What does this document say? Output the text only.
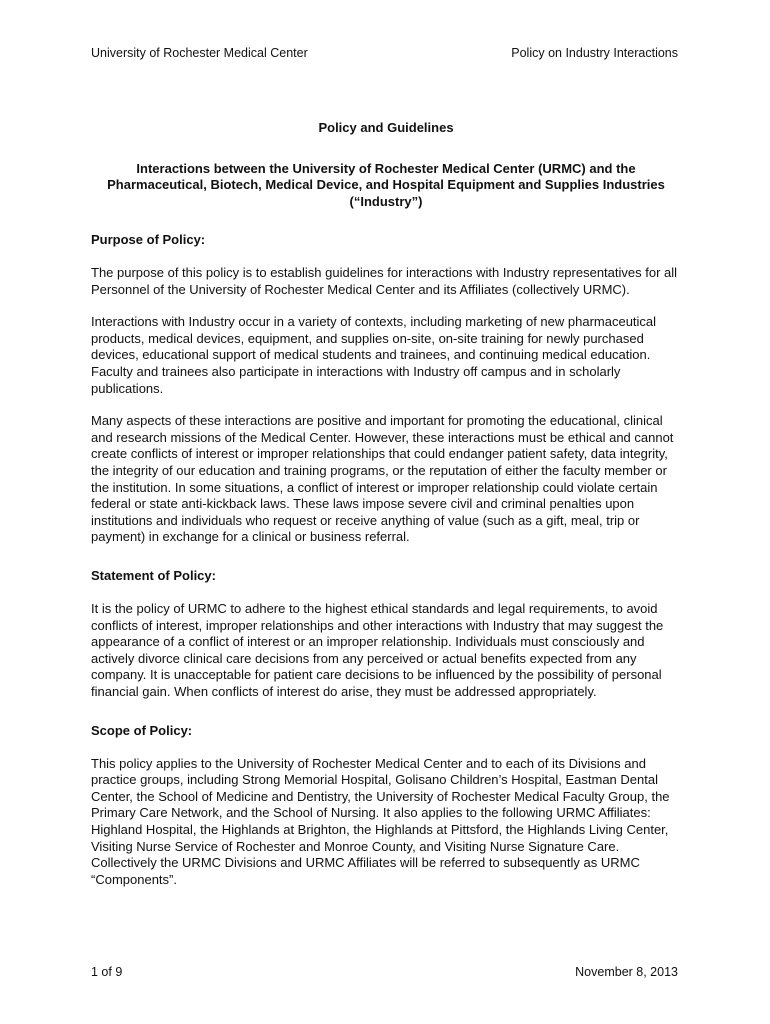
University of Rochester Medical Center	Policy on Industry Interactions

Policy and Guidelines

Interactions between the University of Rochester Medical Center (URMC) and the Pharmaceutical, Biotech, Medical Device, and Hospital Equipment and Supplies Industries (“Industry”)

Purpose of Policy:

The purpose of this policy is to establish guidelines for interactions with Industry representatives for all Personnel of the University of Rochester Medical Center and its Affiliates (collectively URMC).

Interactions with Industry occur in a variety of contexts, including marketing of new pharmaceutical products, medical devices, equipment, and supplies on-site, on-site training for newly purchased devices, educational support of medical students and trainees, and continuing medical education. Faculty and trainees also participate in interactions with Industry off campus and in scholarly publications.

Many aspects of these interactions are positive and important for promoting the educational, clinical and research missions of the Medical Center. However, these interactions must be ethical and cannot create conflicts of interest or improper relationships that could endanger patient safety, data integrity, the integrity of our education and training programs, or the reputation of either the faculty member or the institution. In some situations, a conflict of interest or improper relationship could violate certain federal or state anti-kickback laws. These laws impose severe civil and criminal penalties upon institutions and individuals who request or receive anything of value (such as a gift, meal, trip or payment) in exchange for a clinical or business referral.

Statement of Policy:

It is the policy of URMC to adhere to the highest ethical standards and legal requirements, to avoid conflicts of interest, improper relationships and other interactions with Industry that may suggest the appearance of a conflict of interest or an improper relationship. Individuals must consciously and actively divorce clinical care decisions from any perceived or actual benefits expected from any company. It is unacceptable for patient care decisions to be influenced by the possibility of personal financial gain. When conflicts of interest do arise, they must be addressed appropriately.

Scope of Policy:

This policy applies to the University of Rochester Medical Center and to each of its Divisions and practice groups, including Strong Memorial Hospital, Golisano Children’s Hospital, Eastman Dental Center, the School of Medicine and Dentistry, the University of Rochester Medical Faculty Group, the Primary Care Network, and the School of Nursing. It also applies to the following URMC Affiliates: Highland Hospital, the Highlands at Brighton, the Highlands at Pittsford, the Highlands Living Center, Visiting Nurse Service of Rochester and Monroe County, and Visiting Nurse Signature Care. Collectively the URMC Divisions and URMC Affiliates will be referred to subsequently as URMC “Components”.

1 of 9	November 8, 2013
